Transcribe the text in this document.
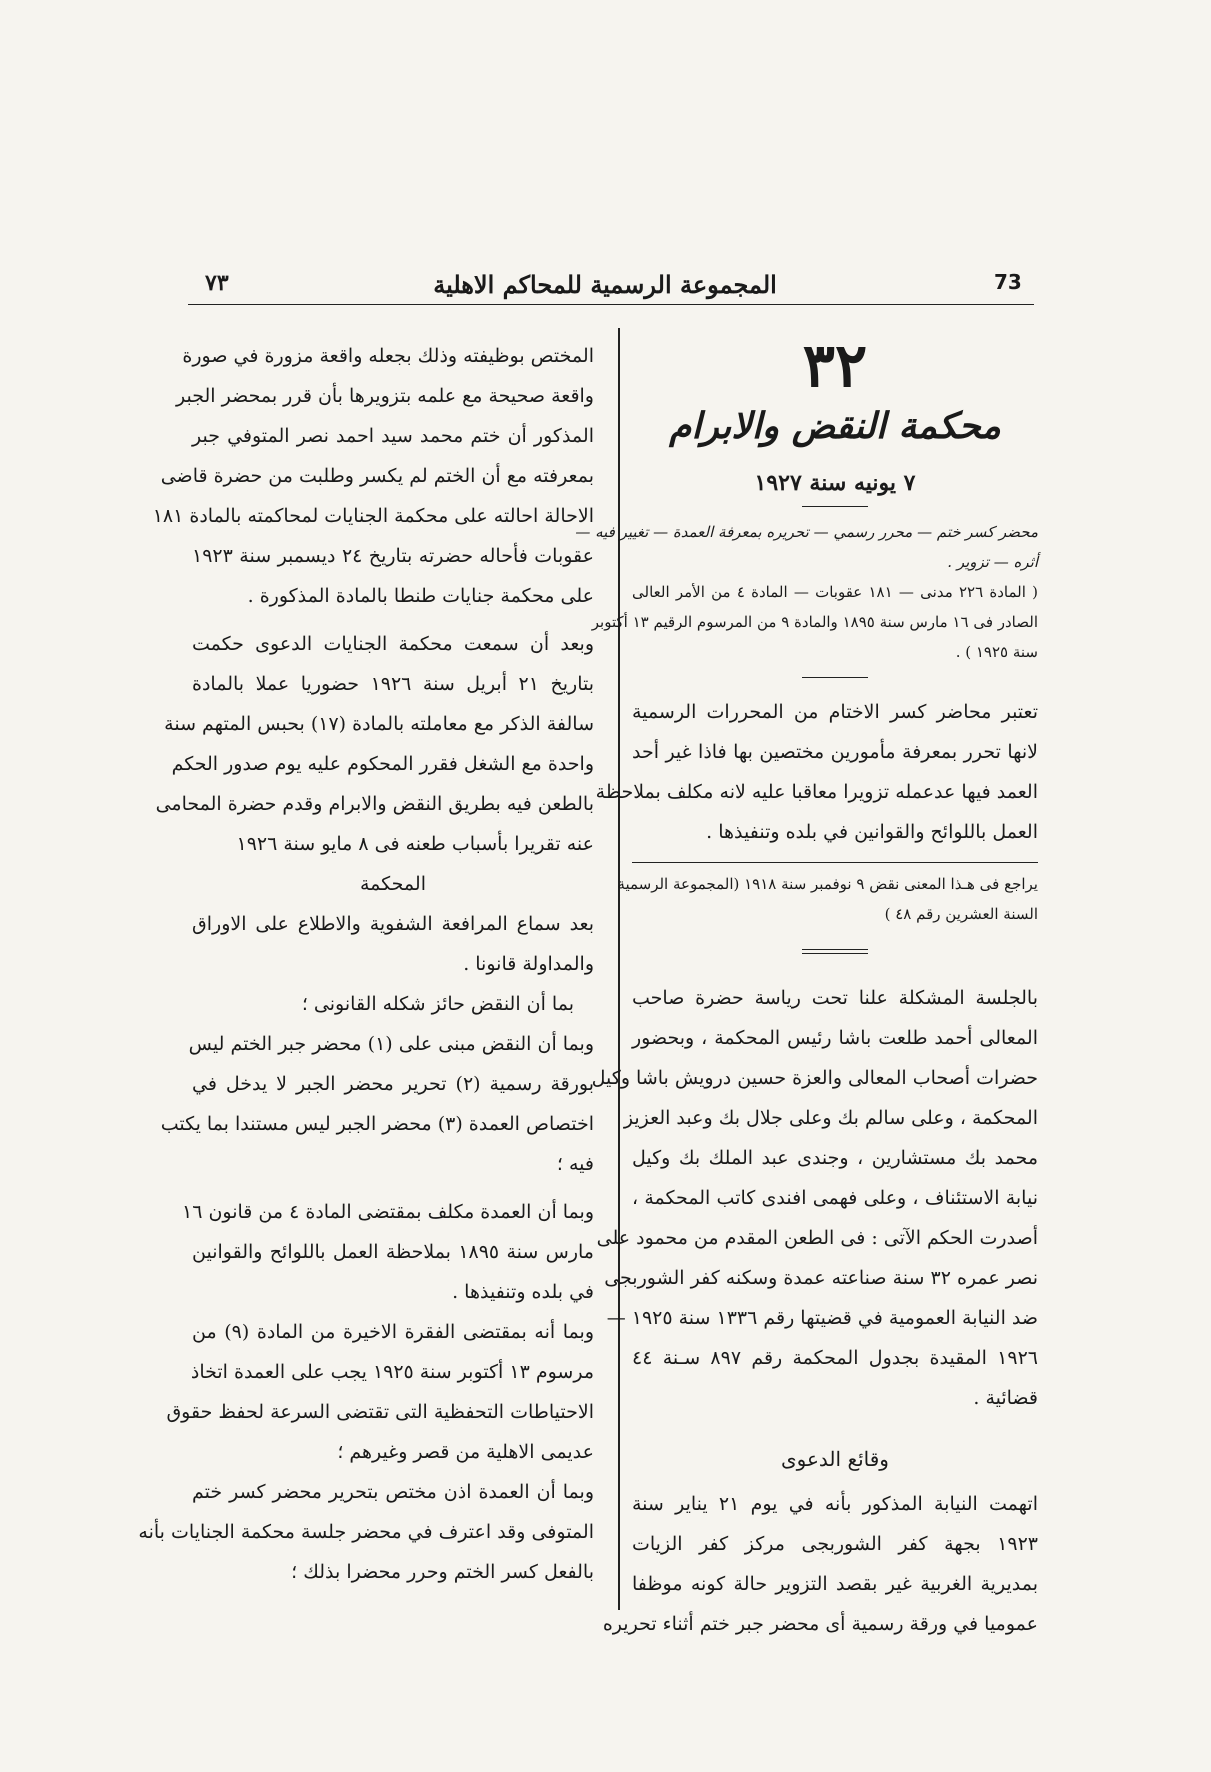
٧٣	المجموعة الرسمية للمحاكم الاهلية	73
٣٢
محكمة النقض والابرام
٧ يونيه سنة ١٩٢٧
محضر كسر ختم — محرر رسمي — تحريره بمعرفة العمدة — تغيير فيه —
أثره — تزوير .
( المادة ٢٢٦ مدنى — ١٨١ عقوبات — المادة ٤ من الأمر العالى
الصادر فى ١٦ مارس سنة ١٨٩٥ والمادة ٩ من المرسوم الرقيم ١٣ أكتوبر
سنة ١٩٢٥ ) .
تعتبر محاضر كسر الاختام من المحررات الرسمية
لانها تحرر بمعرفة مأمورين مختصين بها فاذا غير أحد
العمد فيها عدعمله تزويرا معاقبا عليه لانه مكلف بملاحظة
العمل باللوائح والقوانين في بلده وتنفيذها .
يراجع فى هـذا المعنى نقض ٩ نوفمبر سنة ١٩١٨ (المجموعة الرسمية
السنة العشرين رقم ٤٨ )
بالجلسة المشكلة علنا تحت رياسة حضرة صاحب
المعالى أحمد طلعت باشا رئيس المحكمة ، وبحضور
حضرات أصحاب المعالى والعزة حسين درويش باشا وكيل
المحكمة ، وعلى سالم بك وعلى جلال بك وعبد العزيز
محمد بك مستشارين ، وجندى عبد الملك بك وكيل
نيابة الاستئناف ، وعلى فهمى افندى كاتب المحكمة ،
أصدرت الحكم الآتى : فى الطعن المقدم من محمود على
نصر عمره ٣٢ سنة صناعته عمدة وسكنه كفر الشوربجى
ضد النيابة العمومية في قضيتها رقم ١٣٣٦ سنة ١٩٢٥ —
١٩٢٦ المقيدة بجدول المحكمة رقم ٨٩٧ سـنة ٤٤
قضائية .
وقائع الدعوى
اتهمت النيابة المذكور بأنه في يوم ٢١ يناير سنة
١٩٢٣ بجهة كفر الشوربجى مركز كفر الزيات
بمديرية الغربية غير بقصد التزوير حالة كونه موظفا
عموميا في ورقة رسمية أى محضر جبر ختم أثناء تحريره
المختص بوظيفته وذلك بجعله واقعة مزورة في صورة
واقعة صحيحة مع علمه بتزويرها بأن قرر بمحضر الجبر
المذكور أن ختم محمد سيد احمد نصر المتوفي جبر
بمعرفته مع أن الختم لم يكسر وطلبت من حضرة قاضى
الاحالة احالته على محكمة الجنايات لمحاكمته بالمادة ١٨١
عقوبات فأحاله حضرته بتاريخ ٢٤ ديسمبر سنة ١٩٢٣
على محكمة جنايات طنطا بالمادة المذكورة .
وبعد أن سمعت محكمة الجنايات الدعوى حكمت
بتاريخ ٢١ أبريل سنة ١٩٢٦ حضوريا عملا بالمادة
سالفة الذكر مع معاملته بالمادة (١٧) بحبس المتهم سنة
واحدة مع الشغل فقرر المحكوم عليه يوم صدور الحكم
بالطعن فيه بطريق النقض والابرام وقدم حضرة المحامى
عنه تقريرا بأسباب طعنه فى ٨ مايو سنة ١٩٢٦
المحكمة
بعد سماع المرافعة الشفوية والاطلاع على الاوراق
والمداولة قانونا .
بما أن النقض حائز شكله القانونى ؛
وبما أن النقض مبنى على (١) محضر جبر الختم ليس
بورقة رسمية (٢) تحرير محضر الجبر لا يدخل في
اختصاص العمدة (٣) محضر الجبر ليس مستندا بما يكتب
فيه ؛
وبما أن العمدة مكلف بمقتضى المادة ٤ من قانون ١٦
مارس سنة ١٨٩٥ بملاحظة العمل باللوائح والقوانين
في بلده وتنفيذها .
وبما أنه بمقتضى الفقرة الاخيرة من المادة (٩) من
مرسوم ١٣ أكتوبر سنة ١٩٢٥ يجب على العمدة اتخاذ
الاحتياطات التحفظية التى تقتضى السرعة لحفظ حقوق
عديمى الاهلية من قصر وغيرهم ؛
وبما أن العمدة اذن مختص بتحرير محضر كسر ختم
المتوفى وقد اعترف في محضر جلسة محكمة الجنايات بأنه
بالفعل كسر الختم وحرر محضرا بذلك ؛
